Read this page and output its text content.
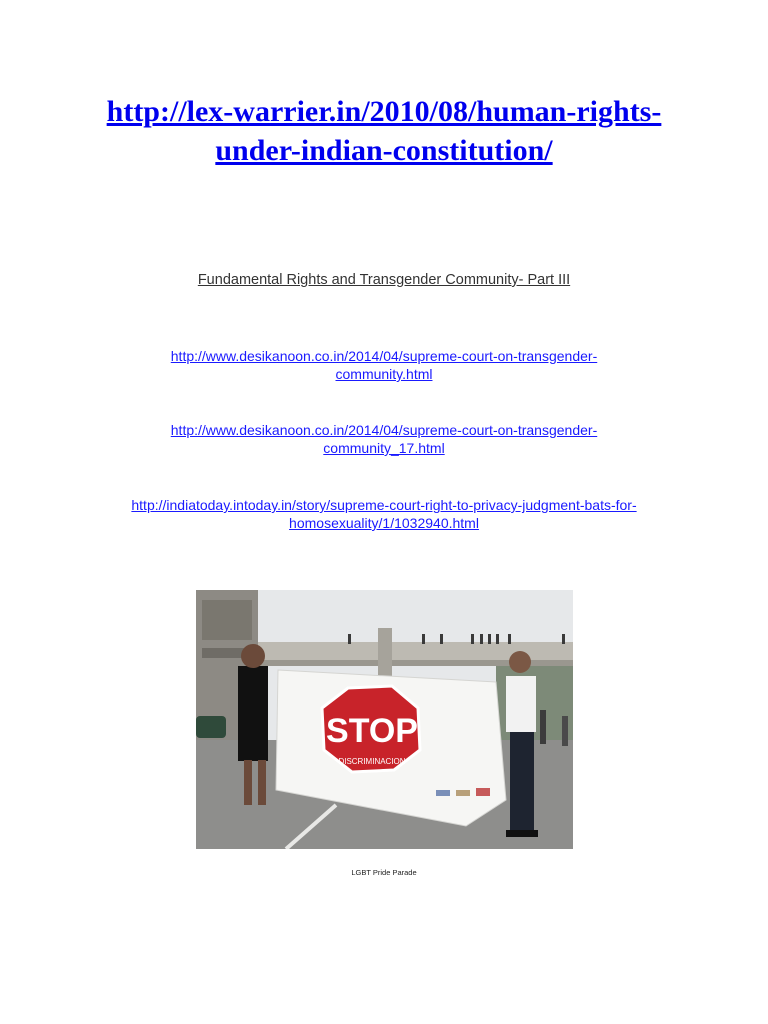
http://lex-warrier.in/2010/08/human-rights-
under-indian-constitution/
Fundamental Rights and Transgender Community- Part III
http://www.desikanoon.co.in/2014/04/supreme-court-on-transgender-
community.html
http://www.desikanoon.co.in/2014/04/supreme-court-on-transgender-
community_17.html
http://indiatoday.intoday.in/story/supreme-court-right-to-privacy-judgment-bats-for-
homosexuality/1/1032940.html
STOP
DISCRIMINACION
LGBT Pride Parade
